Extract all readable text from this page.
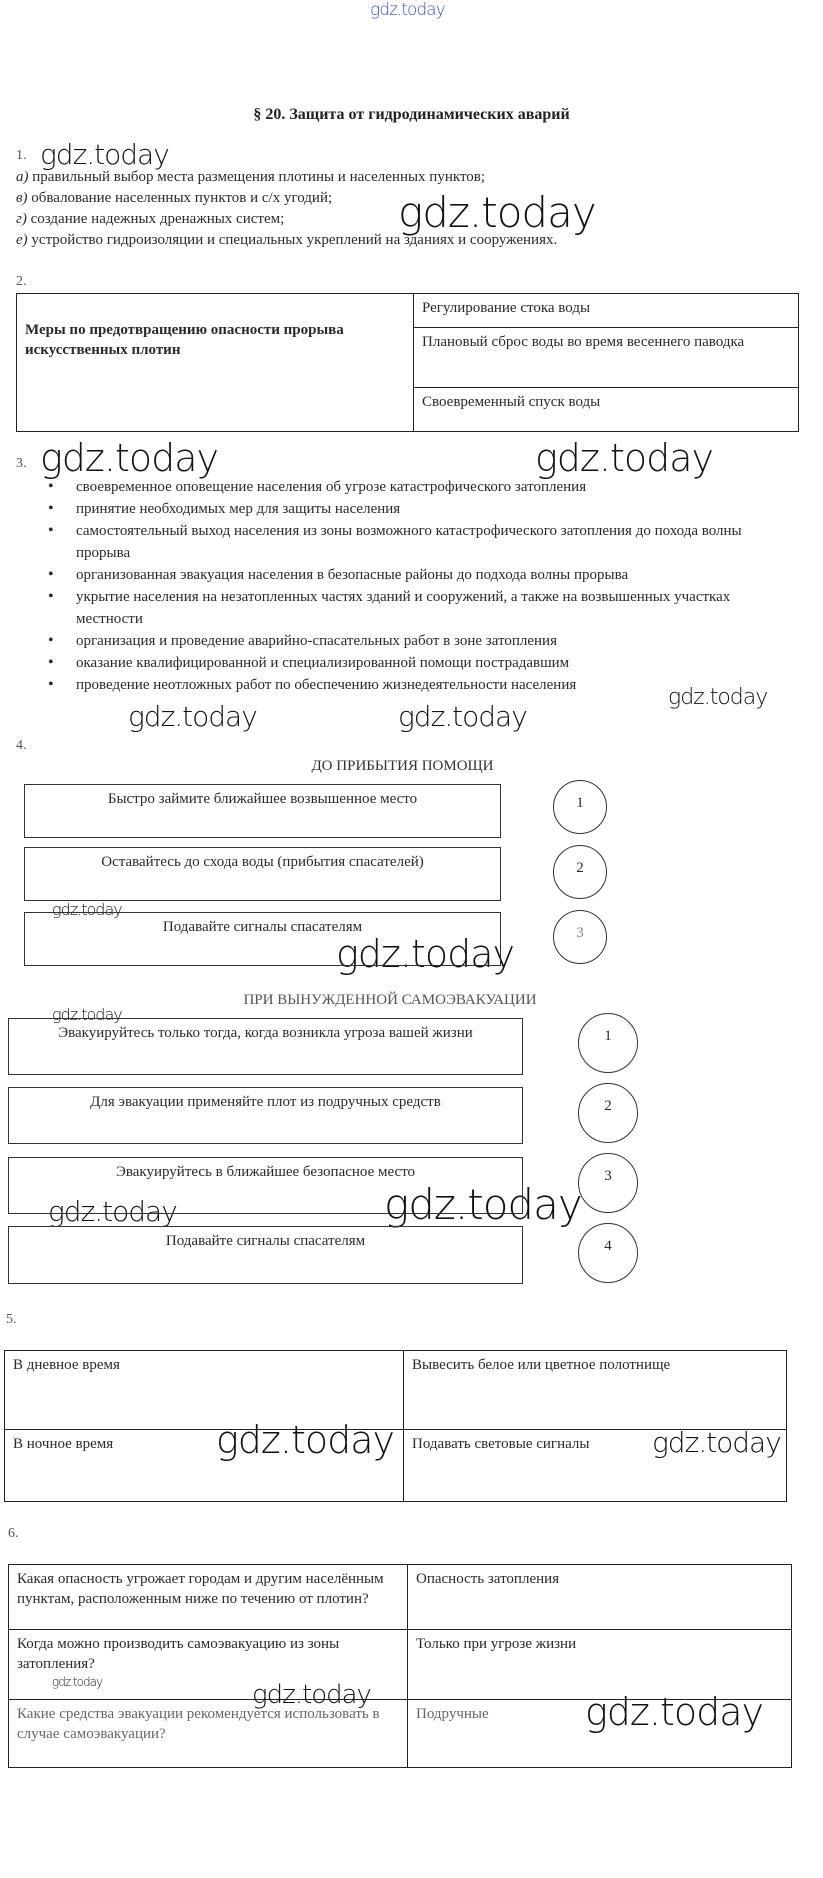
gdz.today
gdz.today
gdz.today
gdz.today	gdz.today
gdz.today
gdz.today	gdz.today
gdz.today
gdz.today
gdz.today
gdz.today	gdz.today
§ 20. Защита от гидродинамических аварий
1.
а) правильный выбор места размещения плотины и населенных пунктов;
в) обвалование населенных пунктов и с/х угодий;
г) создание надежных дренажных систем;
е) устройство гидроизоляции и специальных укреплений на зданиях и сооружениях.
2.
Меры по предотвращению опасности прорыва искусственных плотин	Регулирование стока воды
Плановый сброс воды во время весеннего паводка
Своевременный спуск воды
3.
• своевременное оповещение населения об угрозе катастрофического затопления
• принятие необходимых мер для защиты населения
• самостоятельный выход населения из зоны возможного катастрофического затопления до похода волны прорыва
• организованная эвакуация населения в безопасные районы до подхода волны прорыва
• укрытие населения на незатопленных частях зданий и сооружений, а также на возвышенных участках местности
• организация и проведение аварийно-спасательных работ в зоне затопления
• оказание квалифицированной и специализированной помощи пострадавшим
• проведение неотложных работ по обеспечению жизнедеятельности населения
4.
ДО ПРИБЫТИЯ ПОМОЩИ
Быстро займите ближайшее возвышенное место
Оставайтесь до схода воды (прибытия спасателей)
Подавайте сигналы спасателям
1
2
3
ПРИ ВЫНУЖДЕННОЙ САМОЭВАКУАЦИИ
Эвакуируйтесь только тогда, когда возникла угроза вашей жизни
Для эвакуации применяйте плот из подручных средств
Эвакуируйтесь в ближайшее безопасное место
Подавайте сигналы спасателям
1
2
3
4
5.
В дневное время	Вывесить белое или цветное полотнище
В ночное время	Подавать световые сигналы
gdz.today	gdz.today
6.
Какая опасность угрожает городам и другим населённым пунктам, расположенным ниже по течению от плотин?	Опасность затопления
Когда можно производить самоэвакуацию из зоны затопления?	Только при угрозе жизни
Какие средства эвакуации рекомендуется использовать в случае самоэвакуации?	Подручные
gdz.today	gdz.today	gdz.today
